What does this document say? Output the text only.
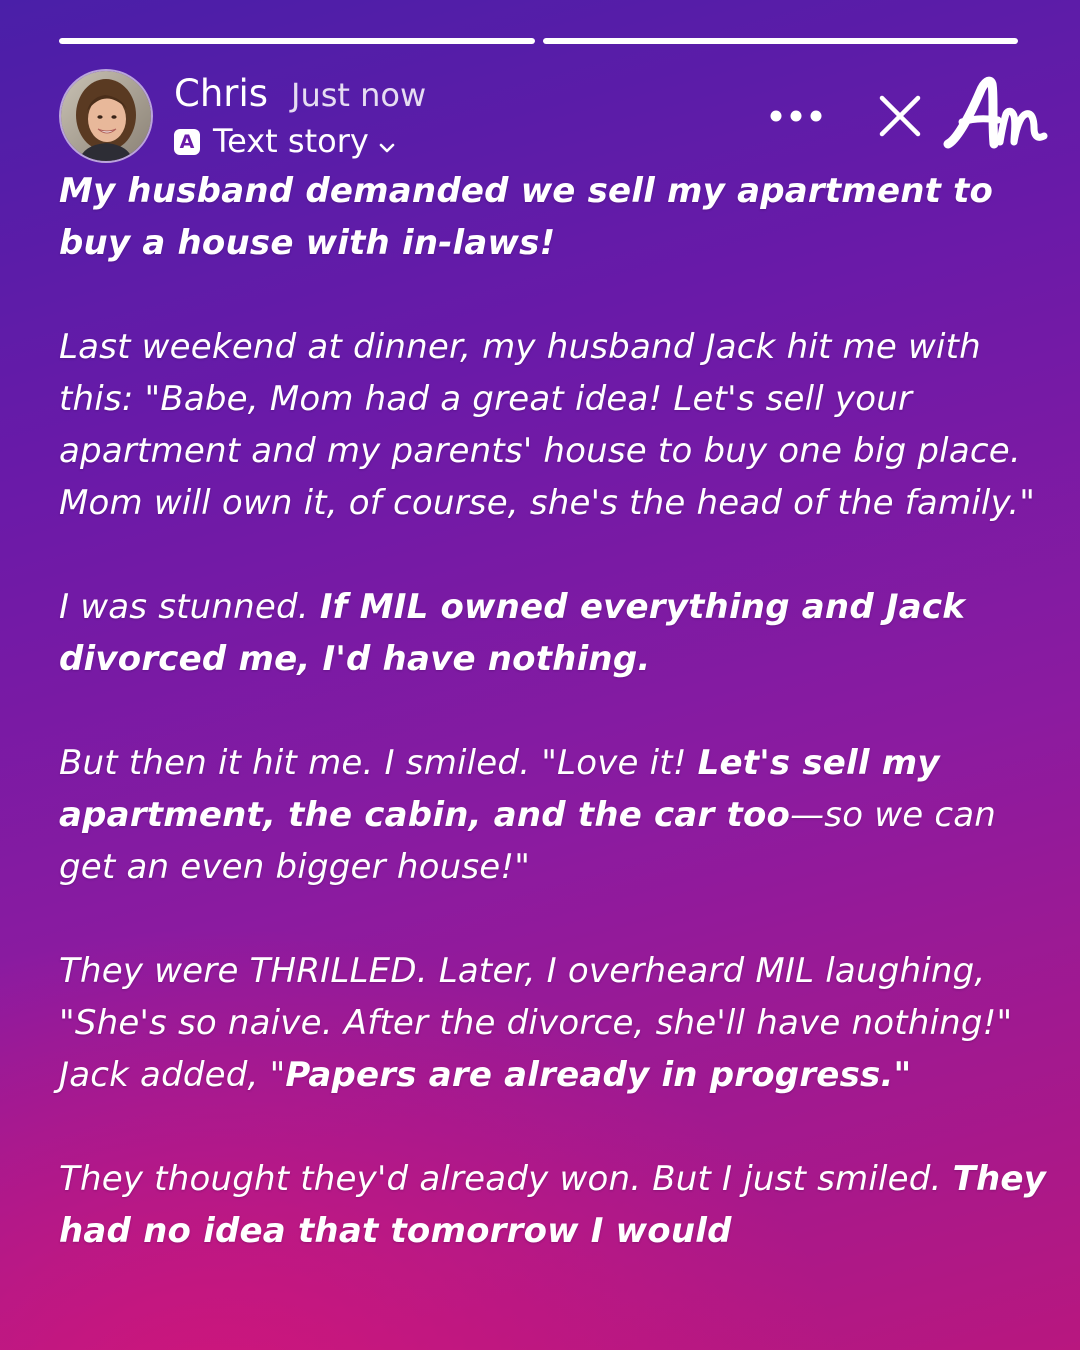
Chris Just now
A Text story

My husband demanded we sell my apartment to buy a house with in-laws!

Last weekend at dinner, my husband Jack hit me with this: "Babe, Mom had a great idea! Let's sell your apartment and my parents' house to buy one big place. Mom will own it, of course, she's the head of the family."

I was stunned. If MIL owned everything and Jack divorced me, I'd have nothing.

But then it hit me. I smiled. "Love it! Let's sell my apartment, the cabin, and the car too—so we can get an even bigger house!"

They were THRILLED. Later, I overheard MIL laughing, "She's so naive. After the divorce, she'll have nothing!" Jack added, "Papers are already in progress."

They thought they'd already won. But I just smiled. They had no idea that tomorrow I would
